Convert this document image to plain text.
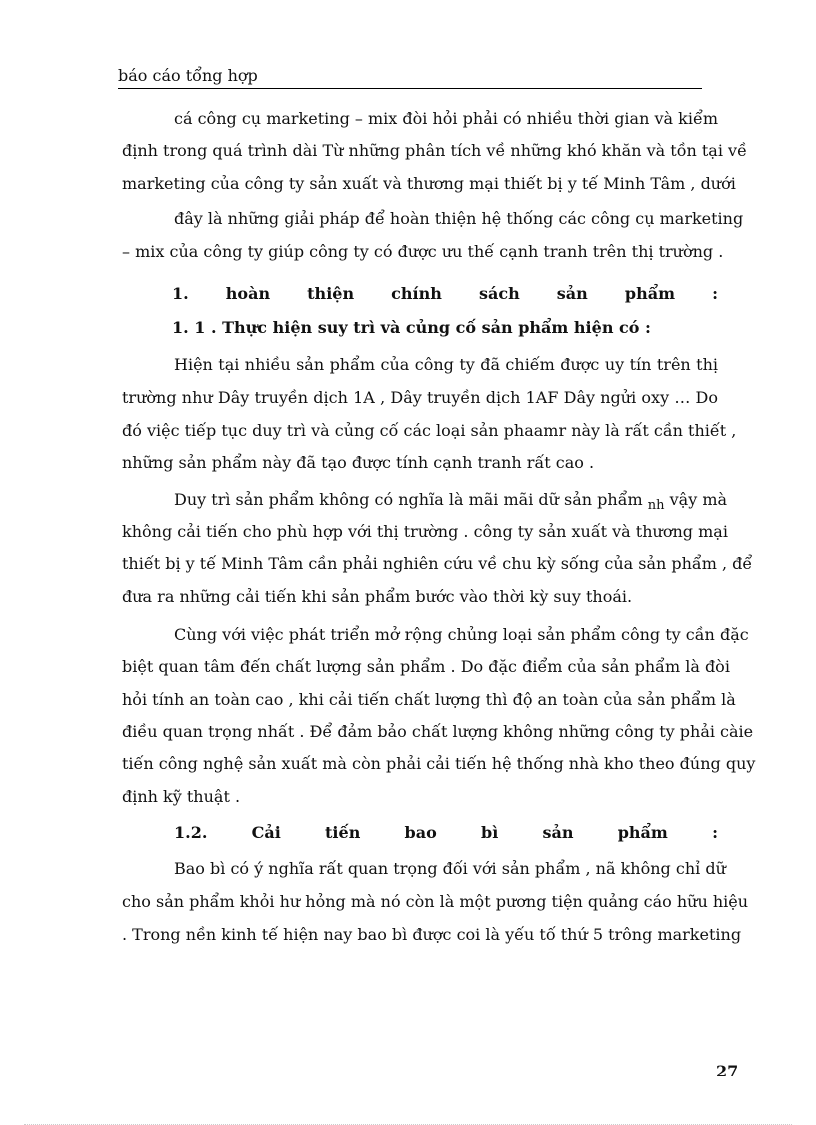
báo cáo tổng hợp
cá công cụ marketing – mix đòi hỏi phải có nhiều thời gian và kiểm
định trong quá trình dài Từ những phân tích về những khó khăn và tồn tại về
marketing của công ty sản xuất và thương mại thiết bị y tế Minh Tâm , dưới
đây là những giải pháp để hoàn thiện hệ thống các công cụ marketing
– mix của công ty giúp công ty có được ưu thế cạnh tranh trên thị trường .
1. hoàn thiện chính sách sản phẩm :
1. 1 . Thực hiện suy trì và củng cố sản phẩm hiện có :
Hiện tại nhiều sản phẩm của công ty đã chiếm được uy tín trên thị
trường như Dây truyền dịch 1A , Dây truyền dịch 1AF Dây ngửi oxy … Do
đó việc tiếp tục duy trì và củng cố các loại sản phaamr này là rất cần thiết ,
những sản phẩm này đã tạo được tính cạnh tranh rất cao .
Duy trì sản phẩm không có nghĩa là mãi mãi dữ sản phẩm $_{nh}$ vậy mà
không cải tiến cho phù hợp với thị trường . công ty sản xuất và thương mại
thiết bị y tế Minh Tâm cần phải nghiên cứu về chu kỳ sống của sản phẩm , để
đưa ra những cải tiến khi sản phẩm bước vào thời kỳ suy thoái.
Cùng với việc phát triển mở rộng chủng loại sản phẩm công ty cần đặc
biệt quan tâm đến chất lượng sản phẩm . Do đặc điểm của sản phẩm là đòi
hỏi tính an toàn cao , khi cải tiến chất lượng thì độ an toàn của sản phẩm là
điều quan trọng nhất . Để đảm bảo chất lượng không những công ty phải càie
tiến công nghệ sản xuất mà còn phải cải tiến hệ thống nhà kho theo đúng quy
định kỹ thuật .
1.2. Cải tiến bao bì sản phẩm :
Bao bì có ý nghĩa rất quan trọng đối với sản phẩm , nã không chỉ dữ
cho sản phẩm khỏi hư hỏng mà nó còn là một pương tiện quảng cáo hữu hiệu
. Trong nền kinh tế hiện nay bao bì được coi là yếu tố thứ 5 trông marketing
27
